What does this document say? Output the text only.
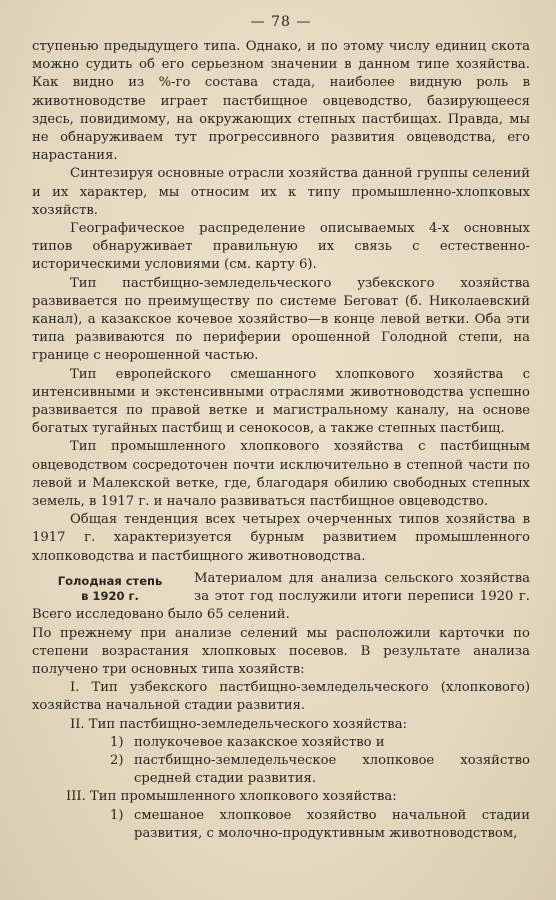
— 78 —

ступенью предыдущего типа. Однако, и по этому числу единиц скота можно судить об его серьезном значении в данном типе хозяйства. Как видно из %-го состава стада, наиболее видную роль в животноводстве играет пастбищное овцеводство, базирующееся здесь, повидимому, на окружающих степных пастбищах. Правда, мы не обнаруживаем тут прогрессивного развития овцеводства, его нарастания.

Синтезируя основные отрасли хозяйства данной группы селений и их характер, мы относим их к типу промышленно-хлопковых хозяйств.

Географическое распределение описываемых 4-х основных типов обнаруживает правильную их связь с естественно-историческими условиями (см. карту 6).

Тип пастбищно-земледельческого узбекского хозяйства развивается по преимуществу по системе Беговат (б. Николаевский канал), а казакское кочевое хозяйство—в конце левой ветки. Оба эти типа развиваются по периферии орошенной Голодной степи, на границе с неорошенной частью.

Тип европейского смешанного хлопкового хозяйства с интенсивными и экстенсивными отраслями животноводства успешно развивается по правой ветке и магистральному каналу, на основе богатых тугайных пастбищ и сенокосов, а также степных пастбищ.

Тип промышленного хлопкового хозяйства с пастбищным овцеводством сосредоточен почти исключительно в степной части по левой и Малекской ветке, где, благодаря обилию свободных степных земель, в 1917 г. и начало развиваться пастбищное овцеводство.

Общая тенденция всех четырех очерченных типов хозяйства в 1917 г. характеризуется бурным развитием промышленного хлопководства и пастбищного животноводства.

Голодная степь
в 1920 г.

Материалом для анализа сельского хозяйства за этот год послужили итоги переписи 1920 г. Всего исследовано было 65 селений.

По прежнему при анализе селений мы расположили карточки по степени возрастания хлопковых посевов. В результате анализа получено три основных типа хозяйств:

I. Тип узбекского пастбищно-земледельческого (хлопкового) хозяйства начальной стадии развития.

II. Тип пастбищно-земледельческого хозяйства:

1) полукочевое казакское хозяйство и
2) пастбищно-земледельческое хлопковое хозяйство средней стадии развития.

III. Тип промышленного хлопкового хозяйства:

1) смешаное хлопковое хозяйство начальной стадии развития, с молочно-продуктивным животноводством,
